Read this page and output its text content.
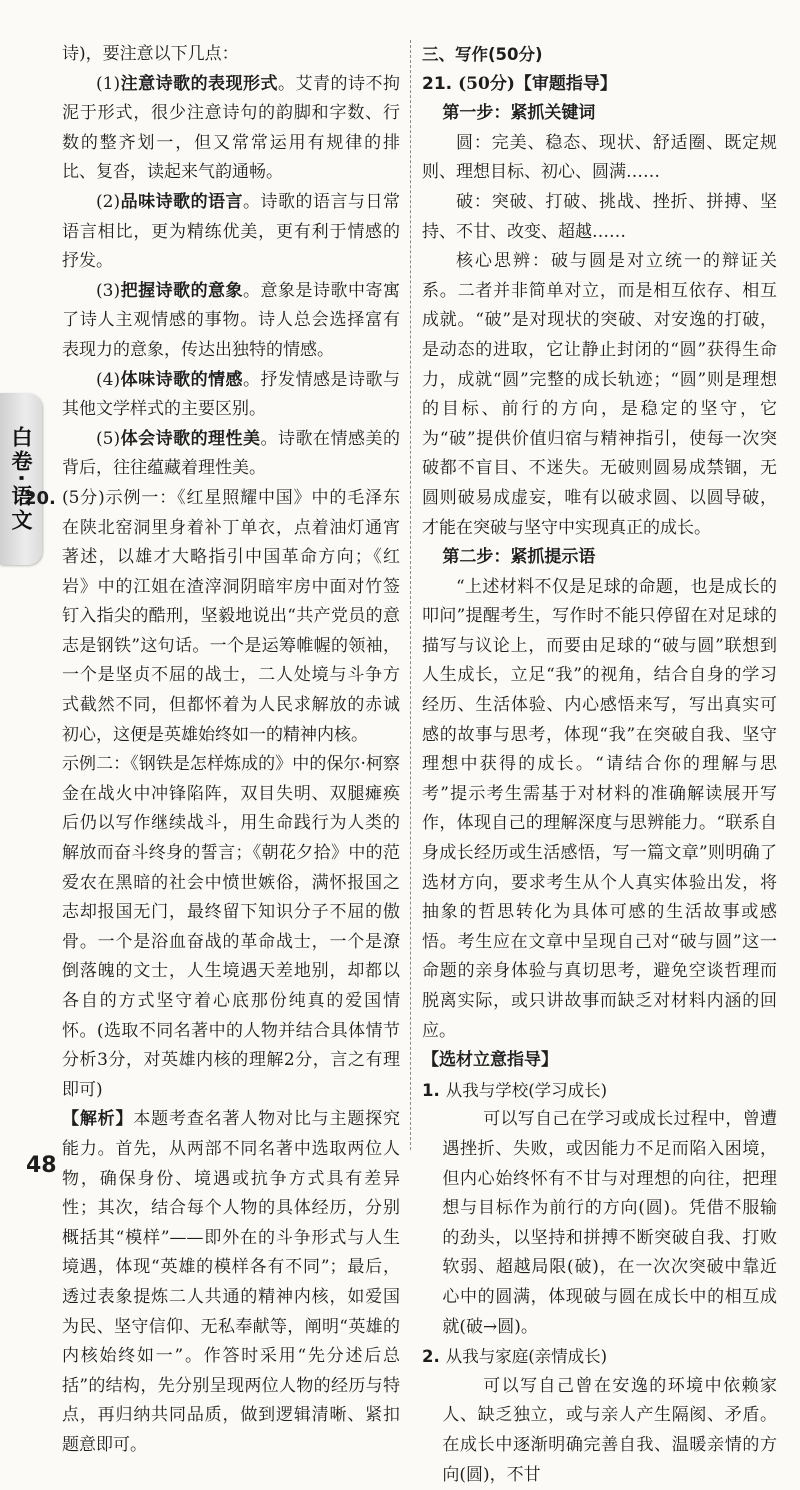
白卷·语文

诗)，要注意以下几点：

(1)注意诗歌的表现形式。艾青的诗不拘泥于形式，很少注意诗句的韵脚和字数、行数的整齐划一，但又常常运用有规律的排比、复沓，读起来气韵通畅。

(2)品味诗歌的语言。诗歌的语言与日常语言相比，更为精练优美，更有利于情感的抒发。

(3)把握诗歌的意象。意象是诗歌中寄寓了诗人主观情感的事物。诗人总会选择富有表现力的意象，传达出独特的情感。

(4)体味诗歌的情感。抒发情感是诗歌与其他文学样式的主要区别。

(5)体会诗歌的理性美。诗歌在情感美的背后，往往蕴藏着理性美。

20. (5分)示例一：《红星照耀中国》中的毛泽东在陕北窑洞里身着补丁单衣，点着油灯通宵著述，以雄才大略指引中国革命方向；《红岩》中的江姐在渣滓洞阴暗牢房中面对竹签钉入指尖的酷刑，坚毅地说出“共产党员的意志是钢铁”这句话。一个是运筹帷幄的领袖，一个是坚贞不屈的战士，二人处境与斗争方式截然不同，但都怀着为人民求解放的赤诚初心，这便是英雄始终如一的精神内核。

示例二：《钢铁是怎样炼成的》中的保尔·柯察金在战火中冲锋陷阵，双目失明、双腿瘫痪后仍以写作继续战斗，用生命践行为人类的解放而奋斗终身的誓言；《朝花夕拾》中的范爱农在黑暗的社会中愤世嫉俗，满怀报国之志却报国无门，最终留下知识分子不屈的傲骨。一个是浴血奋战的革命战士，一个是潦倒落魄的文士，人生境遇天差地别，却都以各自的方式坚守着心底那份纯真的爱国情怀。(选取不同名著中的人物并结合具体情节分析3分，对英雄内核的理解2分，言之有理即可)

【解析】本题考查名著人物对比与主题探究能力。首先，从两部不同名著中选取两位人物，确保身份、境遇或抗争方式具有差异性；其次，结合每个人物的具体经历，分别概括其“模样”——即外在的斗争形式与人生境遇，体现“英雄的模样各有不同”；最后，透过表象提炼二人共通的精神内核，如爱国为民、坚守信仰、无私奉献等，阐明“英雄的内核始终如一”。作答时采用“先分述后总括”的结构，先分别呈现两位人物的经历与特点，再归纳共同品质，做到逻辑清晰、紧扣题意即可。

三、写作(50分)

21. (50分)【审题指导】

第一步：紧抓关键词

圆：完美、稳态、现状、舒适圈、既定规则、理想目标、初心、圆满……

破：突破、打破、挑战、挫折、拼搏、坚持、不甘、改变、超越……

核心思辨：破与圆是对立统一的辩证关系。二者并非简单对立，而是相互依存、相互成就。“破”是对现状的突破、对安逸的打破，是动态的进取，它让静止封闭的“圆”获得生命力，成就“圆”完整的成长轨迹；“圆”则是理想的目标、前行的方向，是稳定的坚守，它为“破”提供价值归宿与精神指引，使每一次突破都不盲目、不迷失。无破则圆易成禁锢，无圆则破易成虚妄，唯有以破求圆、以圆导破，才能在突破与坚守中实现真正的成长。

第二步：紧抓提示语

“上述材料不仅是足球的命题，也是成长的叩问”提醒考生，写作时不能只停留在对足球的描写与议论上，而要由足球的“破与圆”联想到人生成长，立足“我”的视角，结合自身的学习经历、生活体验、内心感悟来写，写出真实可感的故事与思考，体现“我”在突破自我、坚守理想中获得的成长。“请结合你的理解与思考”提示考生需基于对材料的准确解读展开写作，体现自己的理解深度与思辨能力。“联系自身成长经历或生活感悟，写一篇文章”则明确了选材方向，要求考生从个人真实体验出发，将抽象的哲思转化为具体可感的生活故事或感悟。考生应在文章中呈现自己对“破与圆”这一命题的亲身体验与真切思考，避免空谈哲理而脱离实际，或只讲故事而缺乏对材料内涵的回应。

【选材立意指导】

1. 从我与学校(学习成长)

可以写自己在学习或成长过程中，曾遭遇挫折、失败，或因能力不足而陷入困境，但内心始终怀有不甘与对理想的向往，把理想与目标作为前行的方向(圆)。凭借不服输的劲头，以坚持和拼搏不断突破自我、打败软弱、超越局限(破)，在一次次突破中靠近心中的圆满，体现破与圆在成长中的相互成就(破→圆)。

2. 从我与家庭(亲情成长)

可以写自己曾在安逸的环境中依赖家人、缺乏独立，或与亲人产生隔阂、矛盾。在成长中逐渐明确完善自我、温暖亲情的方向(圆)，不甘

48
